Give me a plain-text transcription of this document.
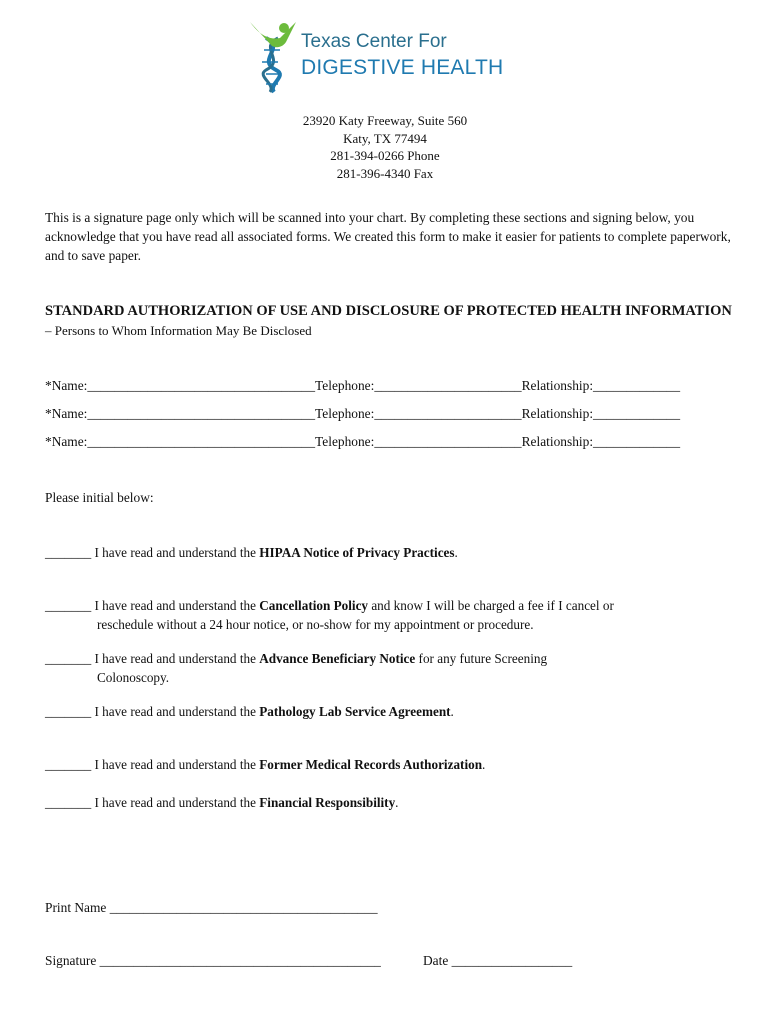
Texas Center For
DIGESTIVE HEALTH
23920 Katy Freeway, Suite 560
Katy, TX 77494
281-394-0266 Phone
281-396-4340 Fax
This is a signature page only which will be scanned into your chart. By completing these sections and signing below, you acknowledge that you have read all associated forms. We created this form to make it easier for patients to complete paperwork, and to save paper.
STANDARD AUTHORIZATION OF USE AND DISCLOSURE OF PROTECTED HEALTH INFORMATION – Persons to Whom Information May Be Disclosed
*Name:__________________________________Telephone:______________________Relationship:_____________
*Name:__________________________________Telephone:______________________Relationship:_____________
*Name:__________________________________Telephone:______________________Relationship:_____________
Please initial below:
_______ I have read and understand the HIPAA Notice of Privacy Practices.
_______ I have read and understand the Cancellation Policy and know I will be charged a fee if I cancel or
reschedule without a 24 hour notice, or no-show for my appointment or procedure.
_______ I have read and understand the Advance Beneficiary Notice for any future Screening
Colonoscopy.
_______ I have read and understand the Pathology Lab Service Agreement.
_______ I have read and understand the Former Medical Records Authorization.
_______ I have read and understand the Financial Responsibility.
Print Name ________________________________________
Signature __________________________________________	Date __________________
